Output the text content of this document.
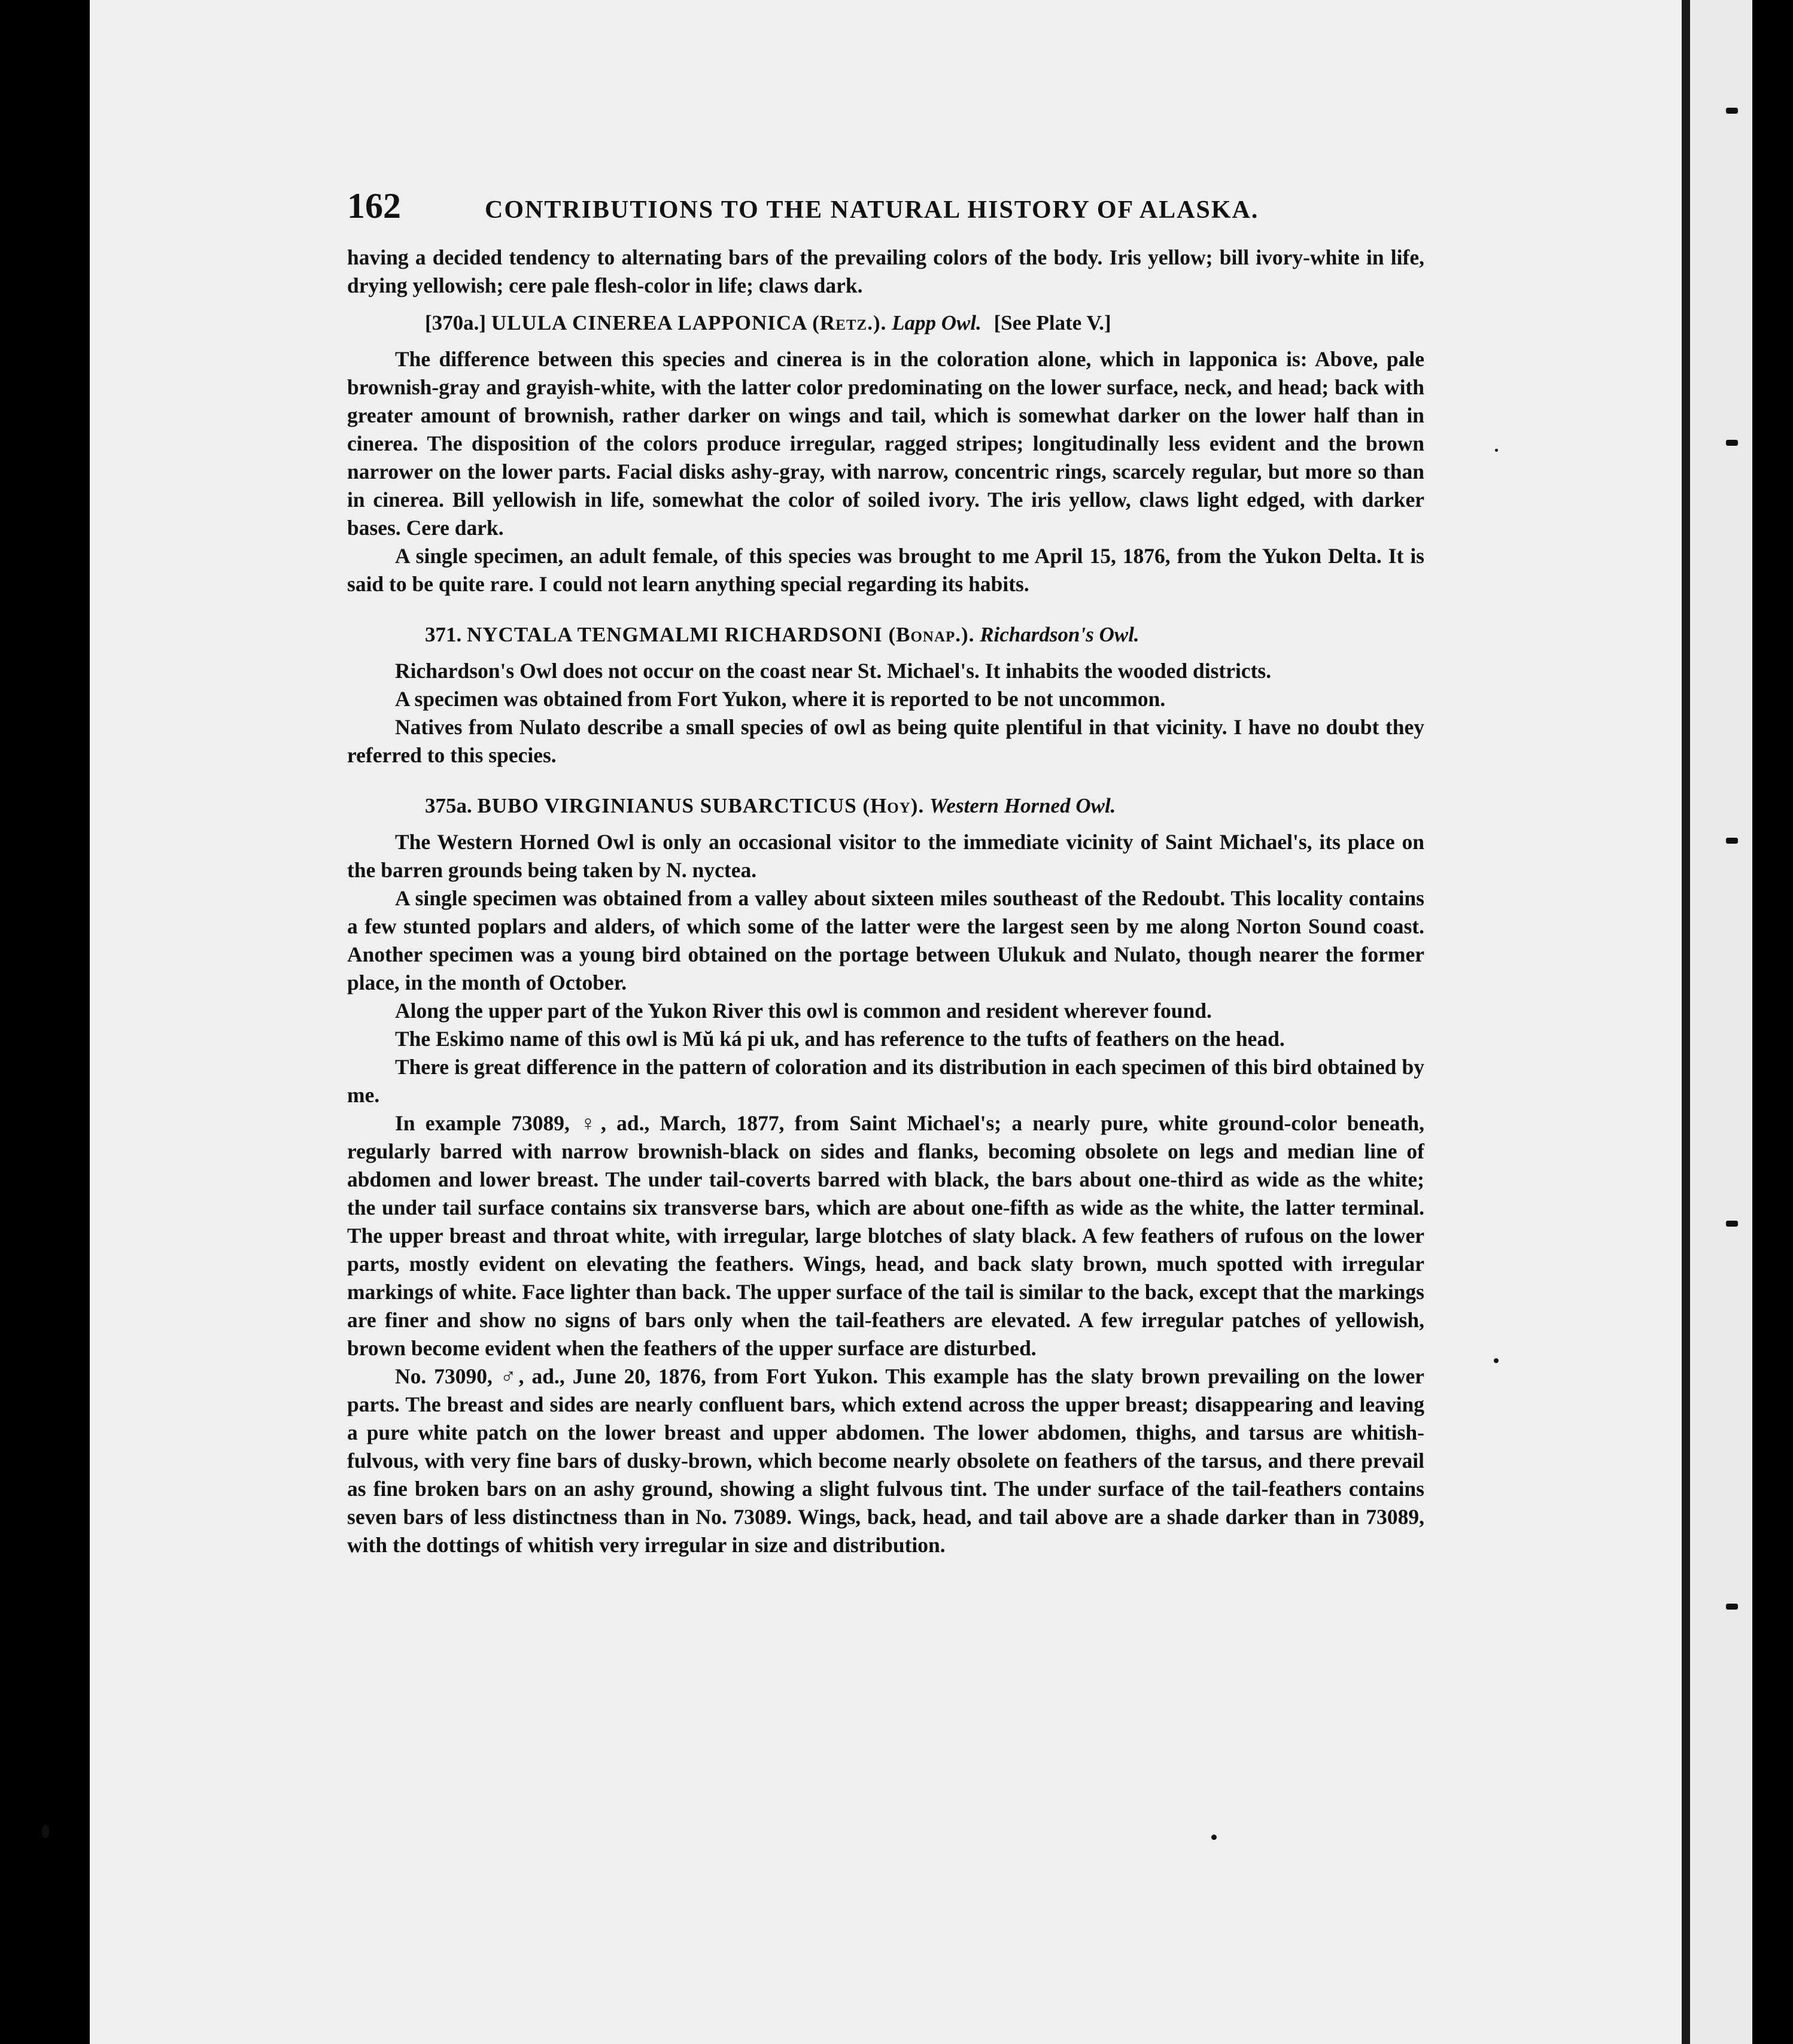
162	CONTRIBUTIONS TO THE NATURAL HISTORY OF ALASKA.

having a decided tendency to alternating bars of the prevailing colors of the body. Iris yellow; bill ivory-white in life, drying yellowish; cere pale flesh-color in life; claws dark.

[370a.] ULULA CINEREA LAPPONICA (Retz.). Lapp Owl. [See Plate V.]

The difference between this species and cinerea is in the coloration alone, which in lapponica is: Above, pale brownish-gray and grayish-white, with the latter color predominating on the lower surface, neck, and head; back with greater amount of brownish, rather darker on wings and tail, which is somewhat darker on the lower half than in cinerea. The disposition of the colors produce irregular, ragged stripes; longitudinally less evident and the brown narrower on the lower parts. Facial disks ashy-gray, with narrow, concentric rings, scarcely regular, but more so than in cinerea. Bill yellowish in life, somewhat the color of soiled ivory. The iris yellow, claws light edged, with darker bases. Cere dark.

A single specimen, an adult female, of this species was brought to me April 15, 1876, from the Yukon Delta. It is said to be quite rare. I could not learn anything special regarding its habits.

371. NYCTALA TENGMALMI RICHARDSONI (Bonap.). Richardson's Owl.

Richardson's Owl does not occur on the coast near St. Michael's. It inhabits the wooded districts.

A specimen was obtained from Fort Yukon, where it is reported to be not uncommon.

Natives from Nulato describe a small species of owl as being quite plentiful in that vicinity. I have no doubt they referred to this species.

375a. BUBO VIRGINIANUS SUBARCTICUS (Hoy). Western Horned Owl.

The Western Horned Owl is only an occasional visitor to the immediate vicinity of Saint Michael's, its place on the barren grounds being taken by N. nyctea.

A single specimen was obtained from a valley about sixteen miles southeast of the Redoubt. This locality contains a few stunted poplars and alders, of which some of the latter were the largest seen by me along Norton Sound coast. Another specimen was a young bird obtained on the portage between Ulukuk and Nulato, though nearer the former place, in the month of October.

Along the upper part of the Yukon River this owl is common and resident wherever found.

The Eskimo name of this owl is Mŭ ká pi uk, and has reference to the tufts of feathers on the head.

There is great difference in the pattern of coloration and its distribution in each specimen of this bird obtained by me.

In example 73089, ♀, ad., March, 1877, from Saint Michael's; a nearly pure, white ground-color beneath, regularly barred with narrow brownish-black on sides and flanks, becoming obsolete on legs and median line of abdomen and lower breast. The under tail-coverts barred with black, the bars about one-third as wide as the white; the under tail surface contains six transverse bars, which are about one-fifth as wide as the white, the latter terminal. The upper breast and throat white, with irregular, large blotches of slaty black. A few feathers of rufous on the lower parts, mostly evident on elevating the feathers. Wings, head, and back slaty brown, much spotted with irregular markings of white. Face lighter than back. The upper surface of the tail is similar to the back, except that the markings are finer and show no signs of bars only when the tail-feathers are elevated. A few irregular patches of yellowish, brown become evident when the feathers of the upper surface are disturbed.

No. 73090, ♂, ad., June 20, 1876, from Fort Yukon. This example has the slaty brown prevailing on the lower parts. The breast and sides are nearly confluent bars, which extend across the upper breast; disappearing and leaving a pure white patch on the lower breast and upper abdomen. The lower abdomen, thighs, and tarsus are whitish-fulvous, with very fine bars of dusky-brown, which become nearly obsolete on feathers of the tarsus, and there prevail as fine broken bars on an ashy ground, showing a slight fulvous tint. The under surface of the tail-feathers contains seven bars of less distinctness than in No. 73089. Wings, back, head, and tail above are a shade darker than in 73089, with the dottings of whitish very irregular in size and distribution.
